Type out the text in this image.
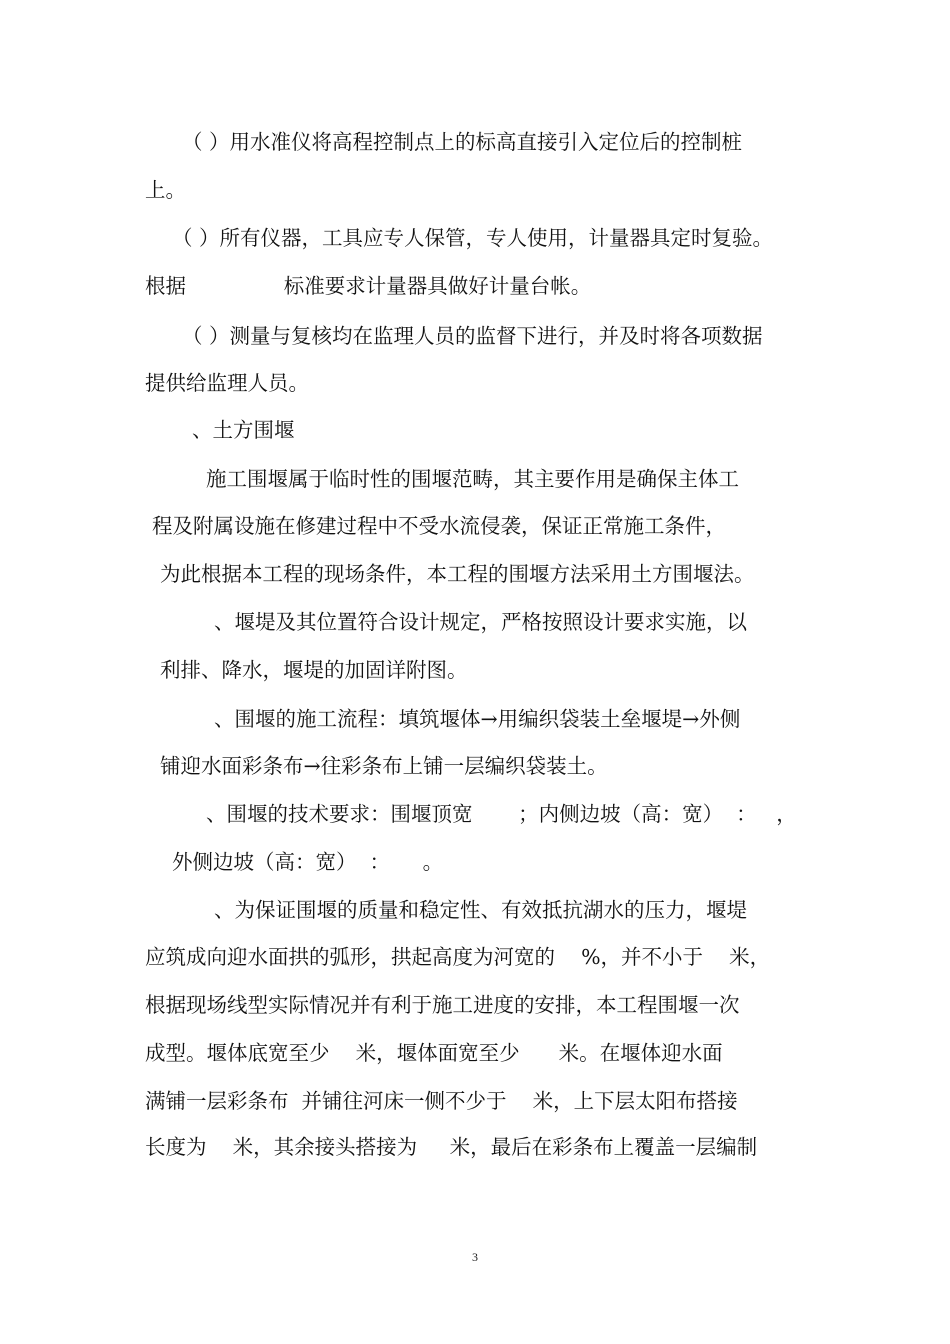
（ ）用水准仪将高程控制点上的标高直接引入定位后的控制桩
上。
（ ）所有仪器，工具应专人保管，专人使用，计量器具定时复验。
根据               标准要求计量器具做好计量台帐。
（ ）测量与复核均在监理人员的监督下进行，并及时将各项数据
提供给监理人员。
、土方围堰
施工围堰属于临时性的围堰范畴，其主要作用是确保主体工
程及附属设施在修建过程中不受水流侵袭，保证正常施工条件，
为此根据本工程的现场条件，本工程的围堰方法采用土方围堰法。
、堰堤及其位置符合设计规定，严格按照设计要求实施，以
利排、降水，堰堤的加固详附图。
、围堰的施工流程：填筑堰体→用编织袋装土垒堰堤→外侧
铺迎水面彩条布→往彩条布上铺一层编织袋装土。
、围堰的技术要求：围堰顶宽       ；内侧边坡（高：宽）  ：   ，
外侧边坡（高：宽）  ：     。
、为保证围堰的质量和稳定性、有效抵抗湖水的压力，堰堤
应筑成向迎水面拱的弧形，拱起高度为河宽的    %，并不小于    米，
根据现场线型实际情况并有利于施工进度的安排，本工程围堰一次
成型。堰体底宽至少    米，堰体面宽至少      米。在堰体迎水面
满铺一层彩条布  并铺往河床一侧不少于    米，上下层太阳布搭接
长度为    米，其余接头搭接为     米，最后在彩条布上覆盖一层编制
3
